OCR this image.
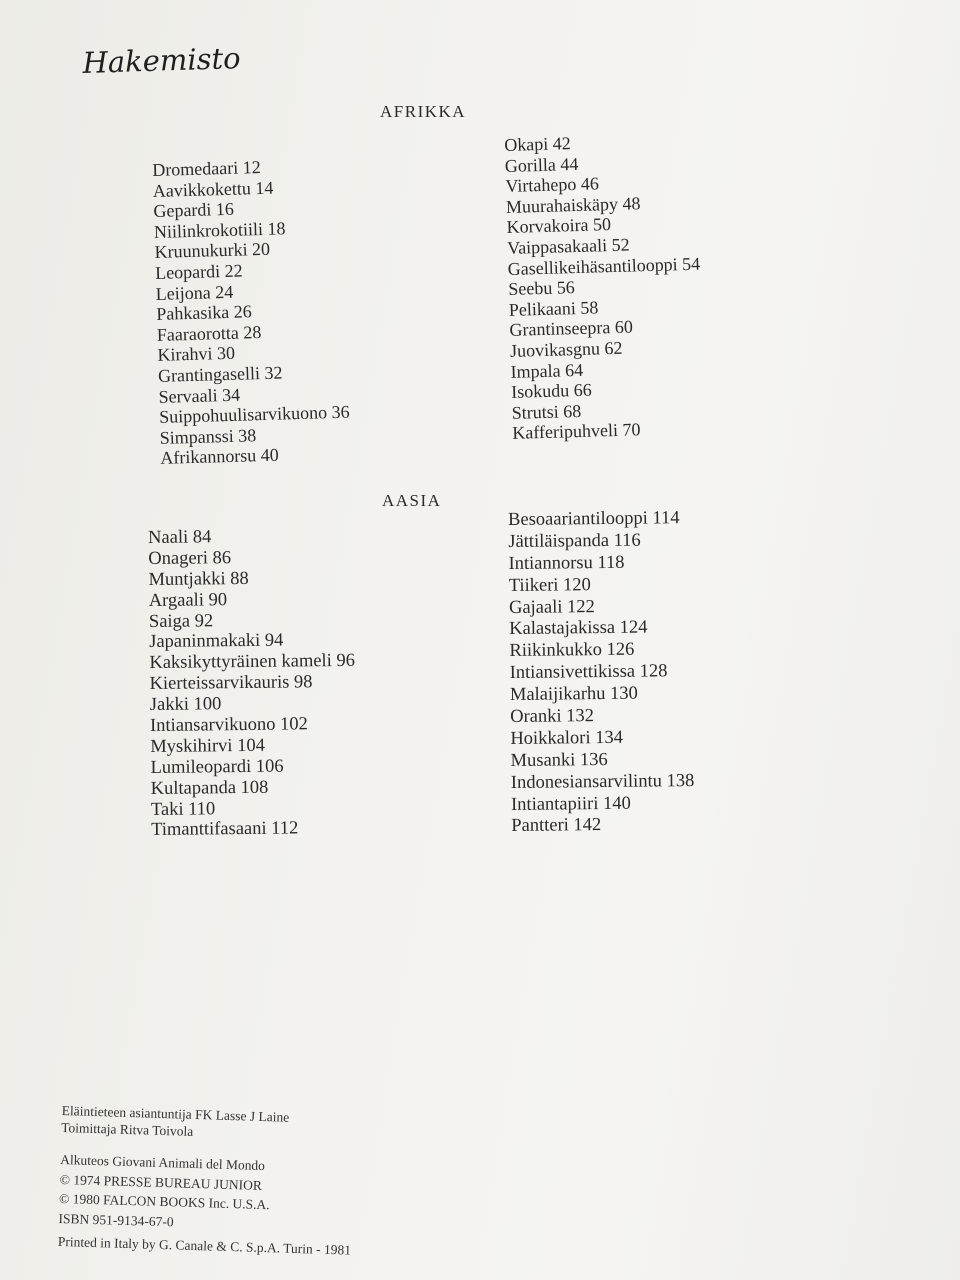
Hakemisto
AFRIKKA
Dromedaari 12
Aavikkokettu 14
Gepardi 16
Niilinkrokotiili 18
Kruunukurki 20
Leopardi 22
Leijona 24
Pahkasika 26
Faaraorotta 28
Kirahvi 30
Grantingaselli 32
Servaali 34
Suippohuulisarvikuono 36
Simpanssi 38
Afrikannorsu 40
Okapi 42
Gorilla 44
Virtahepo 46
Muurahaiskäpy 48
Korvakoira 50
Vaippasakaali 52
Gasellikeihäsantilooppi 54
Seebu 56
Pelikaani 58
Grantinseepra 60
Juovikasgnu 62
Impala 64
Isokudu 66
Strutsi 68
Kafferipuhveli 70
AASIA
Naali 84
Onageri 86
Muntjakki 88
Argaali 90
Saiga 92
Japaninmakaki 94
Kaksikyttyräinen kameli 96
Kierteissarvikauris 98
Jakki 100
Intiansarvikuono 102
Myskihirvi 104
Lumileopardi 106
Kultapanda 108
Taki 110
Timanttifasaani 112
Besoaariantilooppi 114
Jättiläispanda 116
Intiannorsu 118
Tiikeri 120
Gajaali 122
Kalastajakissa 124
Riikinkukko 126
Intiansivettikissa 128
Malaijikarhu 130
Oranki 132
Hoikkalori 134
Musanki 136
Indonesiansarvilintu 138
Intiantapiiri 140
Pantteri 142
Eläintieteen asiantuntija FK Lasse J Laine
Toimittaja Ritva Toivola
Alkuteos Giovani Animali del Mondo
© 1974 PRESSE BUREAU JUNIOR
© 1980 FALCON BOOKS Inc. U.S.A.
ISBN 951-9134-67-0
Printed in Italy by G. Canale & C. S.p.A. Turin - 1981
